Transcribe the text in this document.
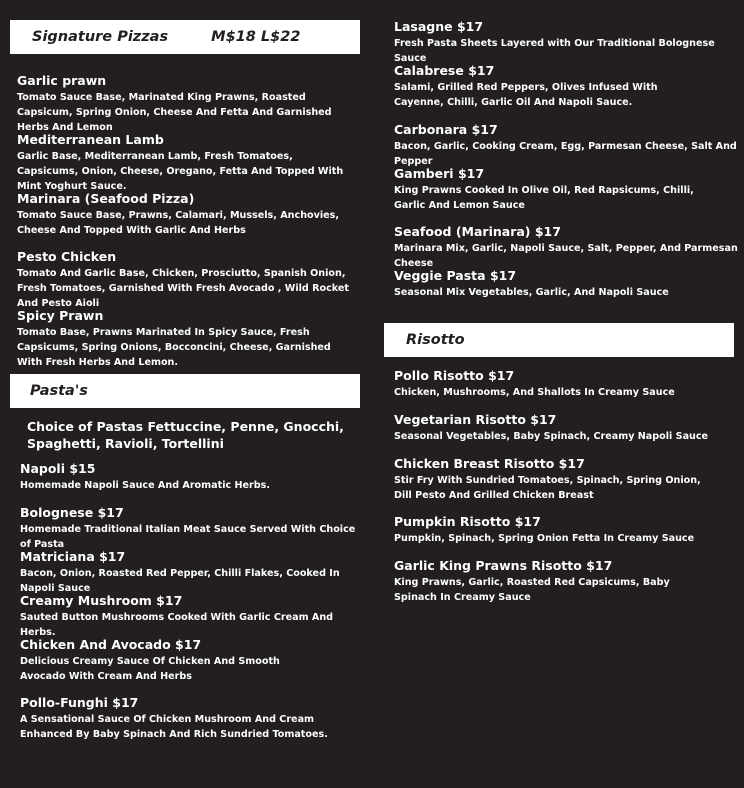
Signature Pizzas	M$18 L$22
Garlic prawn
Tomato Sauce Base, Marinated King Prawns, Roasted Capsicum, Spring Onion, Cheese And Fetta And Garnished Herbs And Lemon
Mediterranean Lamb
Garlic Base, Mediterranean Lamb, Fresh Tomatoes, Capsicums, Onion, Cheese, Oregano, Fetta And Topped With Mint Yoghurt Sauce.
Marinara (Seafood Pizza)
Tomato Sauce Base, Prawns, Calamari, Mussels, Anchovies, Cheese And Topped With Garlic And Herbs
Pesto Chicken
Tomato And Garlic Base, Chicken, Prosciutto, Spanish Onion, Fresh Tomatoes, Garnished With Fresh Avocado , Wild Rocket And Pesto Aioli
Spicy Prawn
Tomato Base, Prawns Marinated In Spicy Sauce, Fresh Capsicums, Spring Onions, Bocconcini, Cheese, Garnished With Fresh Herbs And Lemon.
Pasta's
Choice of Pastas Fettuccine, Penne, Gnocchi, Spaghetti, Ravioli, Tortellini
Napoli $15
Homemade Napoli Sauce And Aromatic Herbs.
Bolognese $17
Homemade Traditional Italian Meat Sauce Served With Choice of Pasta
Matriciana $17
Bacon, Onion, Roasted Red Pepper, Chilli Flakes, Cooked In Napoli Sauce
Creamy Mushroom $17
Sauted Button Mushrooms Cooked With Garlic Cream And Herbs.
Chicken And Avocado $17
Delicious Creamy Sauce Of Chicken And Smooth Avocado With Cream And Herbs
Pollo-Funghi $17
A Sensational Sauce Of Chicken Mushroom And Cream Enhanced By Baby Spinach And Rich Sundried Tomatoes.
Lasagne $17
Fresh Pasta Sheets Layered with Our Traditional Bolognese Sauce
Calabrese $17
Salami, Grilled Red Peppers, Olives Infused With Cayenne, Chilli, Garlic Oil And Napoli Sauce.
Carbonara $17
Bacon, Garlic, Cooking Cream, Egg, Parmesan Cheese, Salt And Pepper
Gamberi $17
King Prawns Cooked In Olive Oil, Red Rapsicums, Chilli, Garlic And Lemon Sauce
Seafood (Marinara) $17
Marinara Mix, Garlic, Napoli Sauce, Salt, Pepper, And Parmesan Cheese
Veggie Pasta $17
Seasonal Mix Vegetables, Garlic, And Napoli Sauce
Risotto
Pollo Risotto $17
Chicken, Mushrooms, And Shallots In Creamy Sauce
Vegetarian Risotto $17
Seasonal Vegetables, Baby Spinach, Creamy Napoli Sauce
Chicken Breast Risotto $17
Stir Fry With Sundried Tomatoes, Spinach, Spring Onion, Dill Pesto And Grilled Chicken Breast
Pumpkin Risotto $17
Pumpkin, Spinach, Spring Onion Fetta In Creamy Sauce
Garlic King Prawns Risotto $17
King Prawns, Garlic, Roasted Red Capsicums, Baby Spinach In Creamy Sauce
